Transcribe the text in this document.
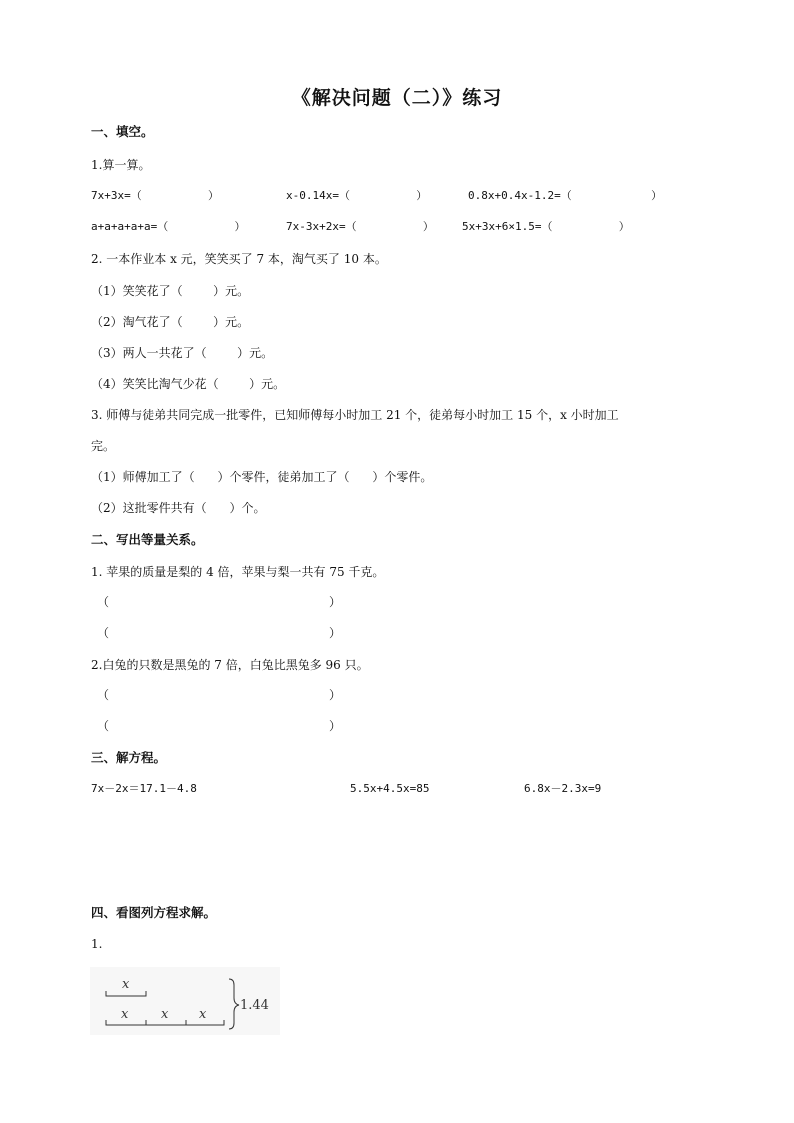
《解决问题（二）》练习
一、填空。
1.算一算。
7x+3x=（          ）	x-0.14x=（          ）	0.8x+0.4x-1.2=（            ）
a+a+a+a+a=（          ）	7x-3x+2x=（          ）	5x+3x+6×1.5=（          ）
2. 一本作业本 x 元，笑笑买了 7 本，淘气买了 10 本。
（1）笑笑花了（        ）元。
（2）淘气花了（        ）元。
（3）两人一共花了（        ）元。
（4）笑笑比淘气少花（        ）元。
3. 师傅与徒弟共同完成一批零件，已知师傅每小时加工 21 个，徒弟每小时加工 15 个，x 小时加工
完。
（1）师傅加工了（      ）个零件，徒弟加工了（      ）个零件。
（2）这批零件共有（      ）个。
二、写出等量关系。
1. 苹果的质量是梨的 4 倍，苹果与梨一共有 75 千克。
（	）
（	）
2.白兔的只数是黑兔的 7 倍，白兔比黑兔多 96 只。
（	）
（	）
三、解方程。
7x－2x＝17.1－4.8	5.5x+4.5x=85	6.8x－2.3x=9
四、看图列方程求解。
1.
x
x	x x
1.44
